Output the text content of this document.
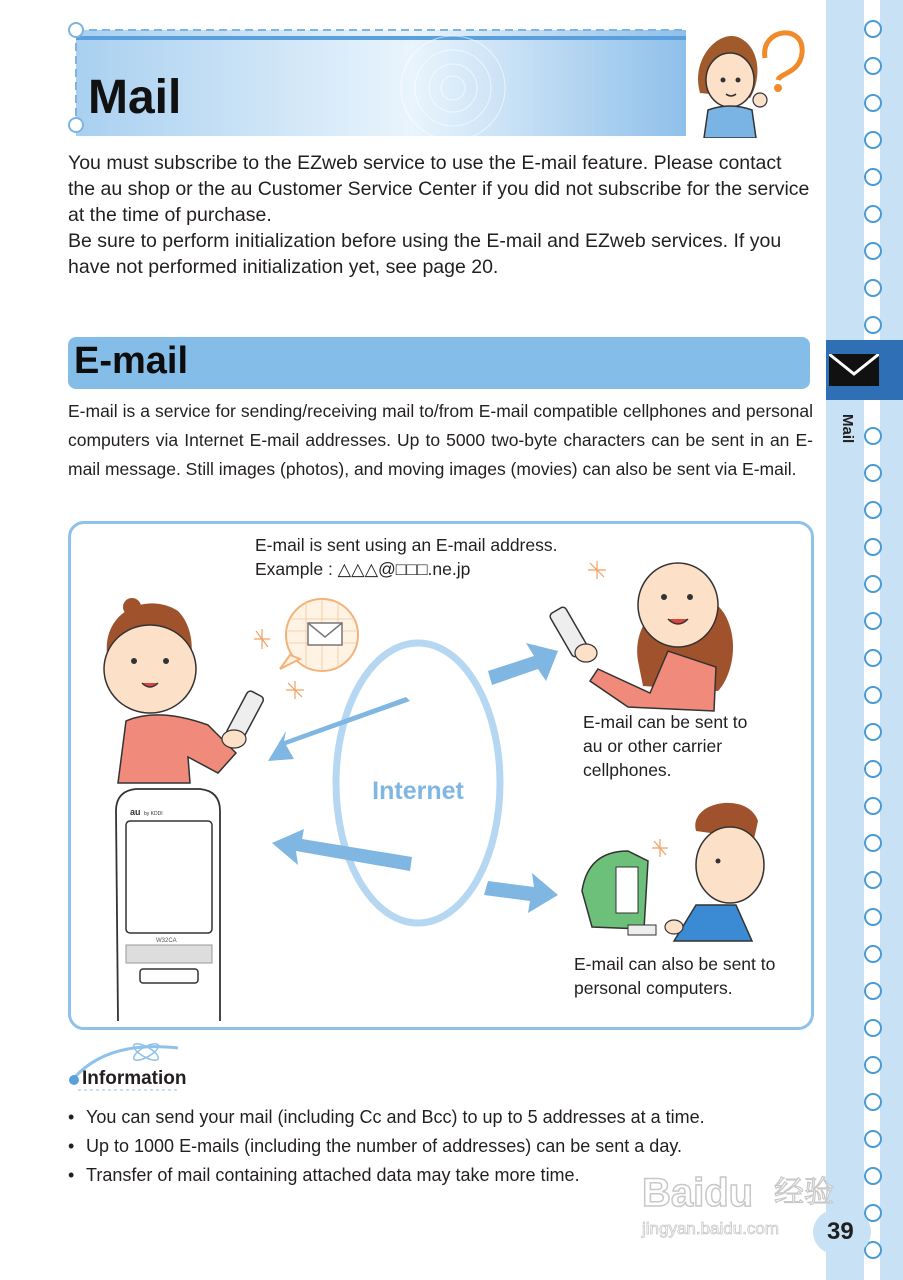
Mail
Mail

You must subscribe to the EZweb service to use the E-mail feature. Please contact the au shop or the au Customer Service Center if you did not subscribe for the service at the time of purchase.

Be sure to perform initialization before using the E-mail and EZweb services. If you have not performed initialization yet, see page 20.

E-mail
E-mail is a service for sending/receiving mail to/from E-mail compatible cellphones and personal computers via Internet E-mail addresses. Up to 5000 two-byte characters can be sent in an E-mail message. Still images (photos), and moving images (movies) can also be sent via E-mail.
au by KDDI
W32CA
Internet
E-mail is sent using an E-mail address.
Example : △△△@□□□.ne.jp
E-mail can be sent to
au or other carrier
cellphones.
E-mail can also be sent to
personal computers.
Information
• You can send your mail (including Cc and Bcc) to up to 5 addresses at a time.
• Up to 1000 E-mails (including the number of addresses) can be sent a day.
• Transfer of mail containing attached data may take more time.	Baidu 经验
jingyan.baidu.com 39
